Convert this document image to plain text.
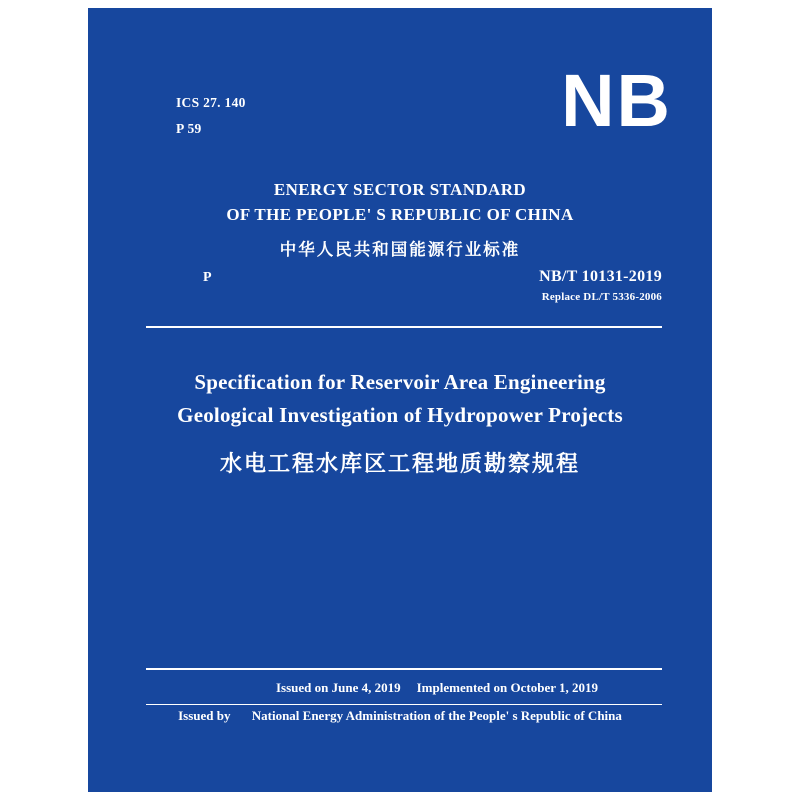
ICS 27. 140
P 59	NB
ENERGY SECTOR STANDARD
OF THE PEOPLE' S REPUBLIC OF CHINA
中华人民共和国能源行业标准
P	NB/T 10131-2019
Replace DL/T 5336-2006
Specification for Reservoir Area Engineering
Geological Investigation of Hydropower Projects
水电工程水库区工程地质勘察规程
Issued on June 4, 2019 Implemented on October 1, 2019
Issued by National Energy Administration of the People' s Republic of China
